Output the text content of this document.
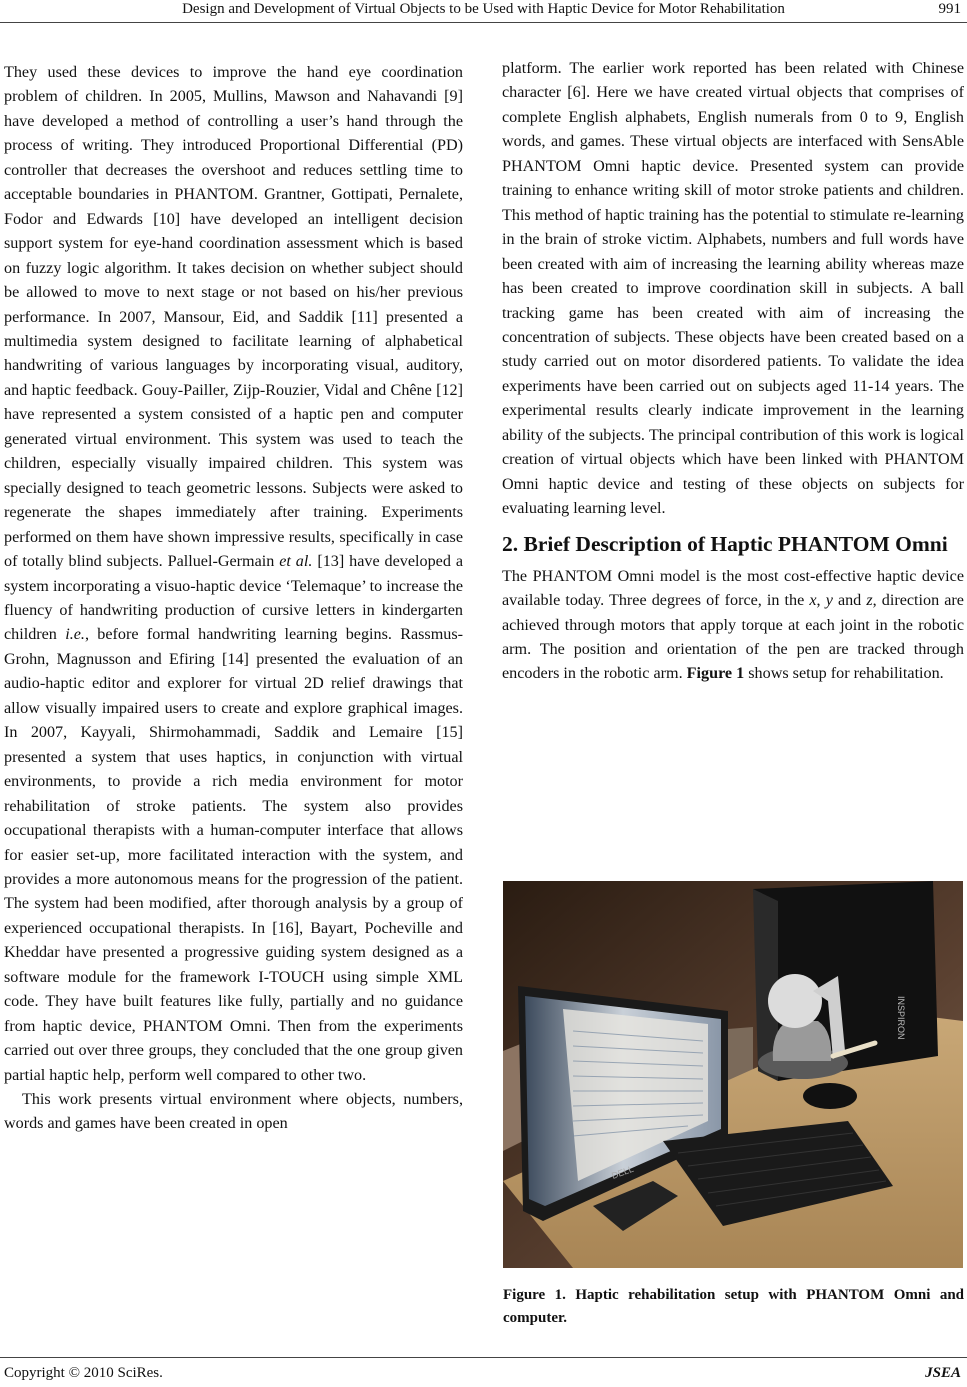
Design and Development of Virtual Objects to be Used with Haptic Device for Motor Rehabilitation	991

They used these devices to improve the hand eye coordination problem of children. In 2005, Mullins, Mawson and Nahavandi [9] have developed a method of controlling a user’s hand through the process of writing. They introduced Proportional Differential (PD) controller that decreases the overshoot and reduces settling time to acceptable boundaries in PHANTOM. Grantner, Gottipati, Pernalete, Fodor and Edwards [10] have developed an intelligent decision support system for eye-hand coordination assessment which is based on fuzzy logic algorithm. It takes decision on whether subject should be allowed to move to next stage or not based on his/her previous performance. In 2007, Mansour, Eid, and Saddik [11] presented a multimedia system designed to facilitate learning of alphabetical handwriting of various languages by incorporating visual, auditory, and haptic feedback. Gouy-Pailler, Zijp-Rouzier, Vidal and Chêne [12] have represented a system consisted of a haptic pen and computer generated virtual environment. This system was used to teach the children, especially visually impaired children. This system was specially designed to teach geometric lessons. Subjects were asked to regenerate the shapes immediately after training. Experiments performed on them have shown impressive results, specifically in case of totally blind subjects. Palluel-Germain et al. [13] have developed a system incorporating a visuo-haptic device ‘Telemaque’ to increase the fluency of handwriting production of cursive letters in kindergarten children i.e., before formal handwriting learning begins. Rassmus-Grohn, Magnusson and Efiring [14] presented the evaluation of an audio-haptic editor and explorer for virtual 2D relief drawings that allow visually impaired users to create and explore graphical images. In 2007, Kayyali, Shirmohammadi, Saddik and Lemaire [15] presented a system that uses haptics, in conjunction with virtual environments, to provide a rich media environment for motor rehabilitation of stroke patients. The system also provides occupational therapists with a human-computer interface that allows for easier set-up, more facilitated interaction with the system, and provides a more autonomous means for the progression of the patient. The system had been modified, after thorough analysis by a group of experienced occupational therapists. In [16], Bayart, Pocheville and Kheddar have presented a progressive guiding system designed as a software module for the framework I-TOUCH using simple XML code. They have built features like fully, partially and no guidance from haptic device, PHANTOM Omni. Then from the experiments carried out over three groups, they concluded that the one group given partial haptic help, perform well compared to other two.

This work presents virtual environment where objects, numbers, words and games have been created in open

platform. The earlier work reported has been related with Chinese character [6]. Here we have created virtual objects that comprises of complete English alphabets, English numerals from 0 to 9, English words, and games. These virtual objects are interfaced with SensAble PHANTOM Omni haptic device. Presented system can provide training to enhance writing skill of motor stroke patients and children. This method of haptic training has the potential to stimulate re-learning in the brain of stroke victim. Alphabets, numbers and full words have been created with aim of increasing the learning ability whereas maze has been created to improve coordination skill in subjects. A ball tracking game has been created with aim of increasing the concentration of subjects. These objects have been created based on a study carried out on motor disordered patients. To validate the idea experiments have been carried out on subjects aged 11-14 years. The experimental results clearly indicate improvement in the learning ability of the subjects. The principal contribution of this work is logical creation of virtual objects which have been linked with PHANTOM Omni haptic device and testing of these objects on subjects for evaluating learning level.

2. Brief Description of Haptic PHANTOM Omni

The PHANTOM Omni model is the most cost-effective haptic device available today. Three degrees of force, in the x, y and z, direction are achieved through motors that apply torque at each joint in the robotic arm. The position and orientation of the pen are tracked through encoders in the robotic arm. Figure 1 shows setup for rehabilitation.

DELL
INSPIRON
Figure 1. Haptic rehabilitation setup with PHANTOM Omni and computer.
Copyright © 2010 SciRes.	JSEA
